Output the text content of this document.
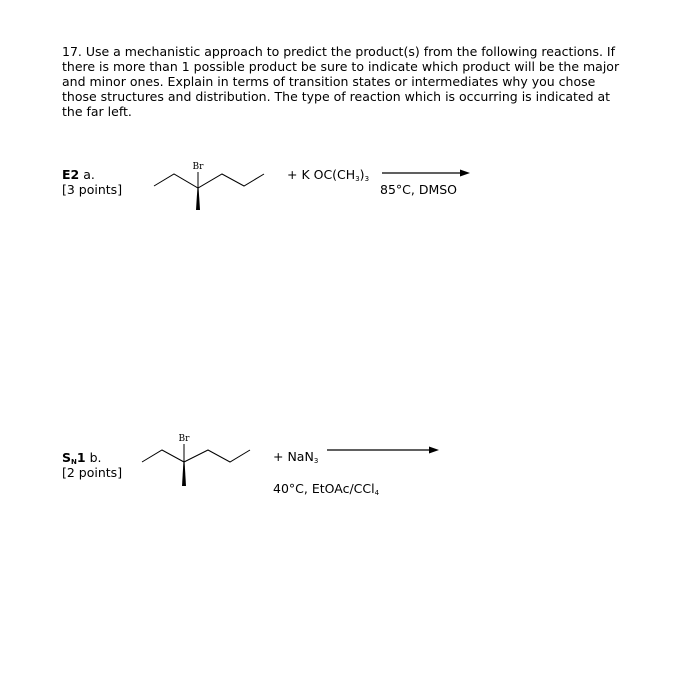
17. Use a mechanistic approach to predict the product(s) from the following reactions. If there is more than 1 possible product be sure to indicate which product will be the major and minor ones. Explain in terms of transition states or intermediates why you chose those structures and distribution. The type of reaction which is occurring is indicated at the far left.

E2 a.
[3 points]
Br	+ K $OC(CH_3)_3$
85°C, DMSO
$S_N1$ b.
[2 points]
Br
+ NaN$_3$
40°C, EtOAc/CCl$_4$
